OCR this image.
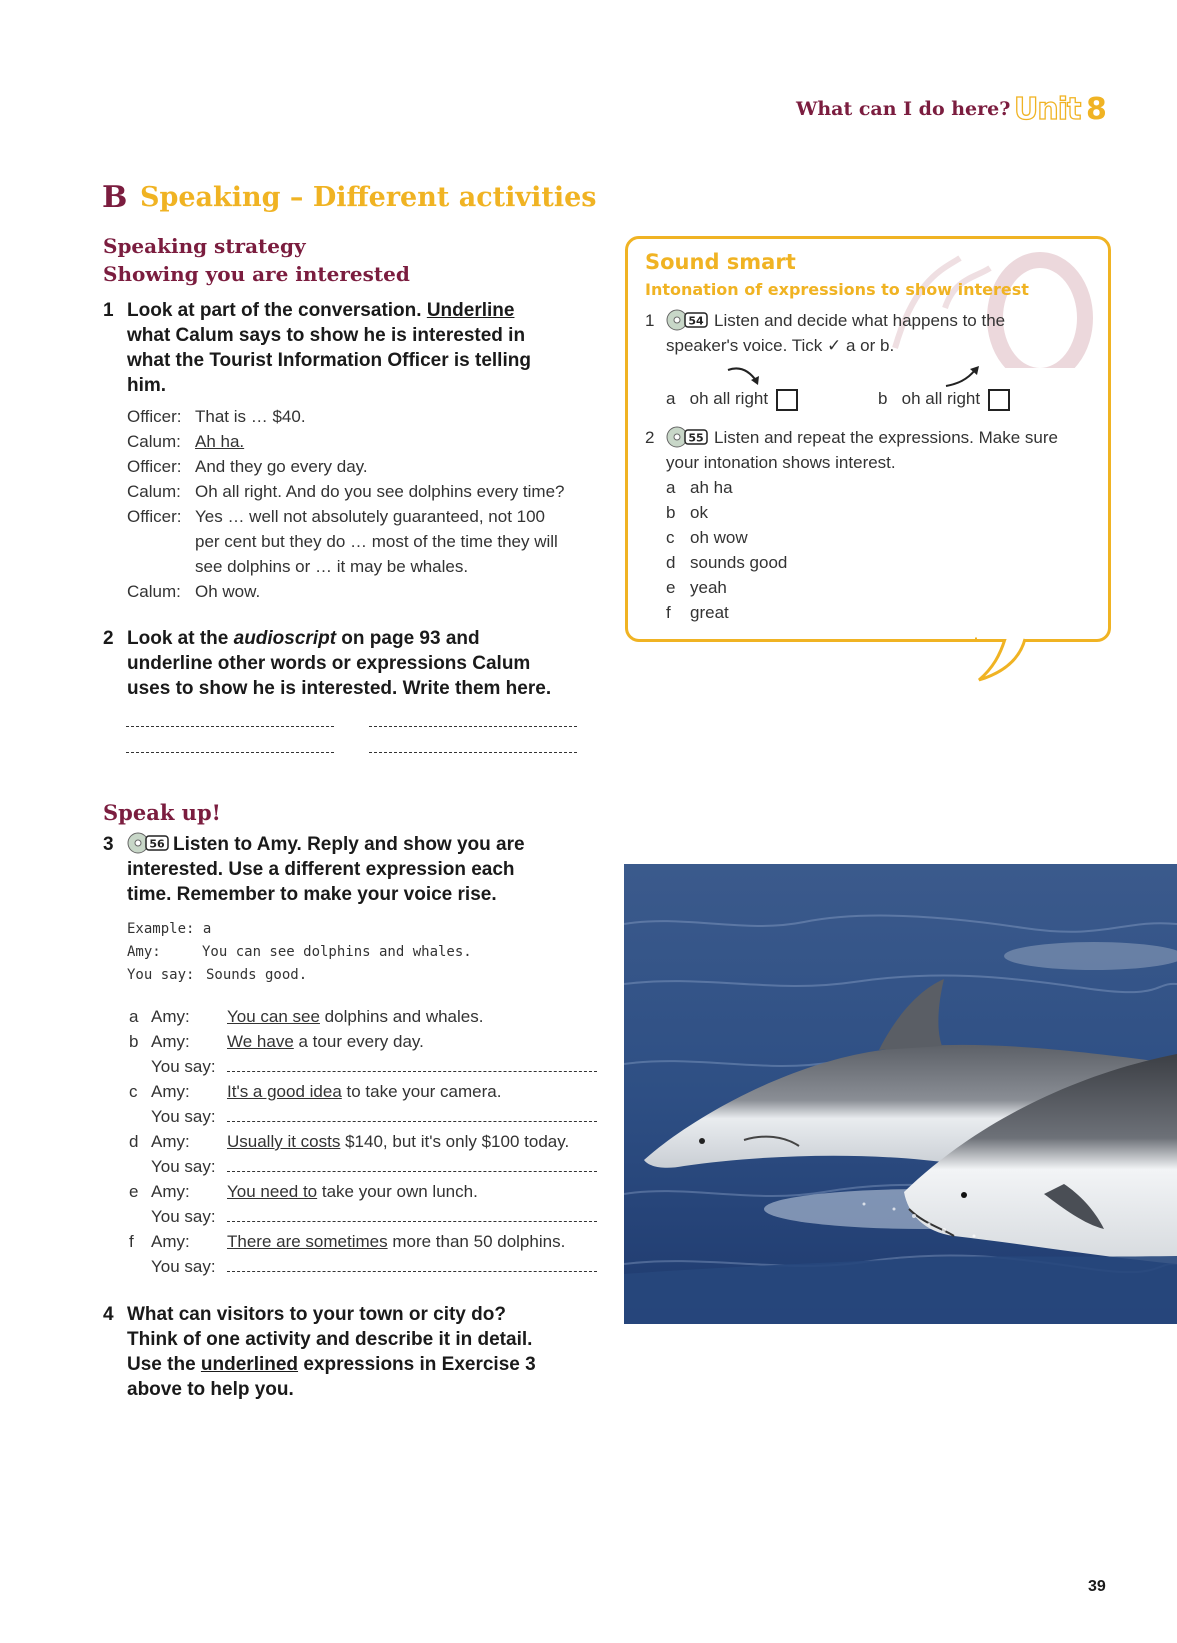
What can I do here? Unit 8
B Speaking – Different activities
Speaking strategy
Showing you are interested
1 Look at part of the conversation. Underline
what Calum says to show he is interested in
what the Tourist Information Officer is telling
him.
Officer: That is … $40.
Calum: Ah ha.
Officer: And they go every day.
Calum: Oh all right. And do you see dolphins every time?
Officer: Yes … well not absolutely guaranteed, not 100
per cent but they do … most of the time they will
see dolphins or … it may be whales.
Calum: Oh wow.
2 Look at the audioscript on page 93 and
underline other words or expressions Calum
uses to show he is interested. Write them here.
Speak up!
3	56 Listen to Amy. Reply and show you are
interested. Use a different expression each
time. Remember to make your voice rise.
Example: a
Amy:	You can see dolphins and whales.
You say: Sounds good.
a Amy: You can see dolphins and whales.
b Amy: We have a tour every day.
You say:
c Amy: It's a good idea to take your camera.
You say:
d Amy: Usually it costs $140, but it's only $100 today.
You say:
e Amy: You need to take your own lunch.
You say:
f Amy: There are sometimes more than 50 dolphins.
You say:
4 What can visitors to your town or city do?
Think of one activity and describe it in detail.
Use the underlined expressions in Exercise 3
above to help you.
Sound smart
Intonation of expressions to show interest
1	54 Listen and decide what happens to the
speaker's voice. Tick ✓ a or b.
a oh all right	b oh all right
2	55 Listen and repeat the expressions. Make sure
your intonation shows interest.
a ah ha
b ok
c oh wow
d sounds good
e yeah
f great
39
